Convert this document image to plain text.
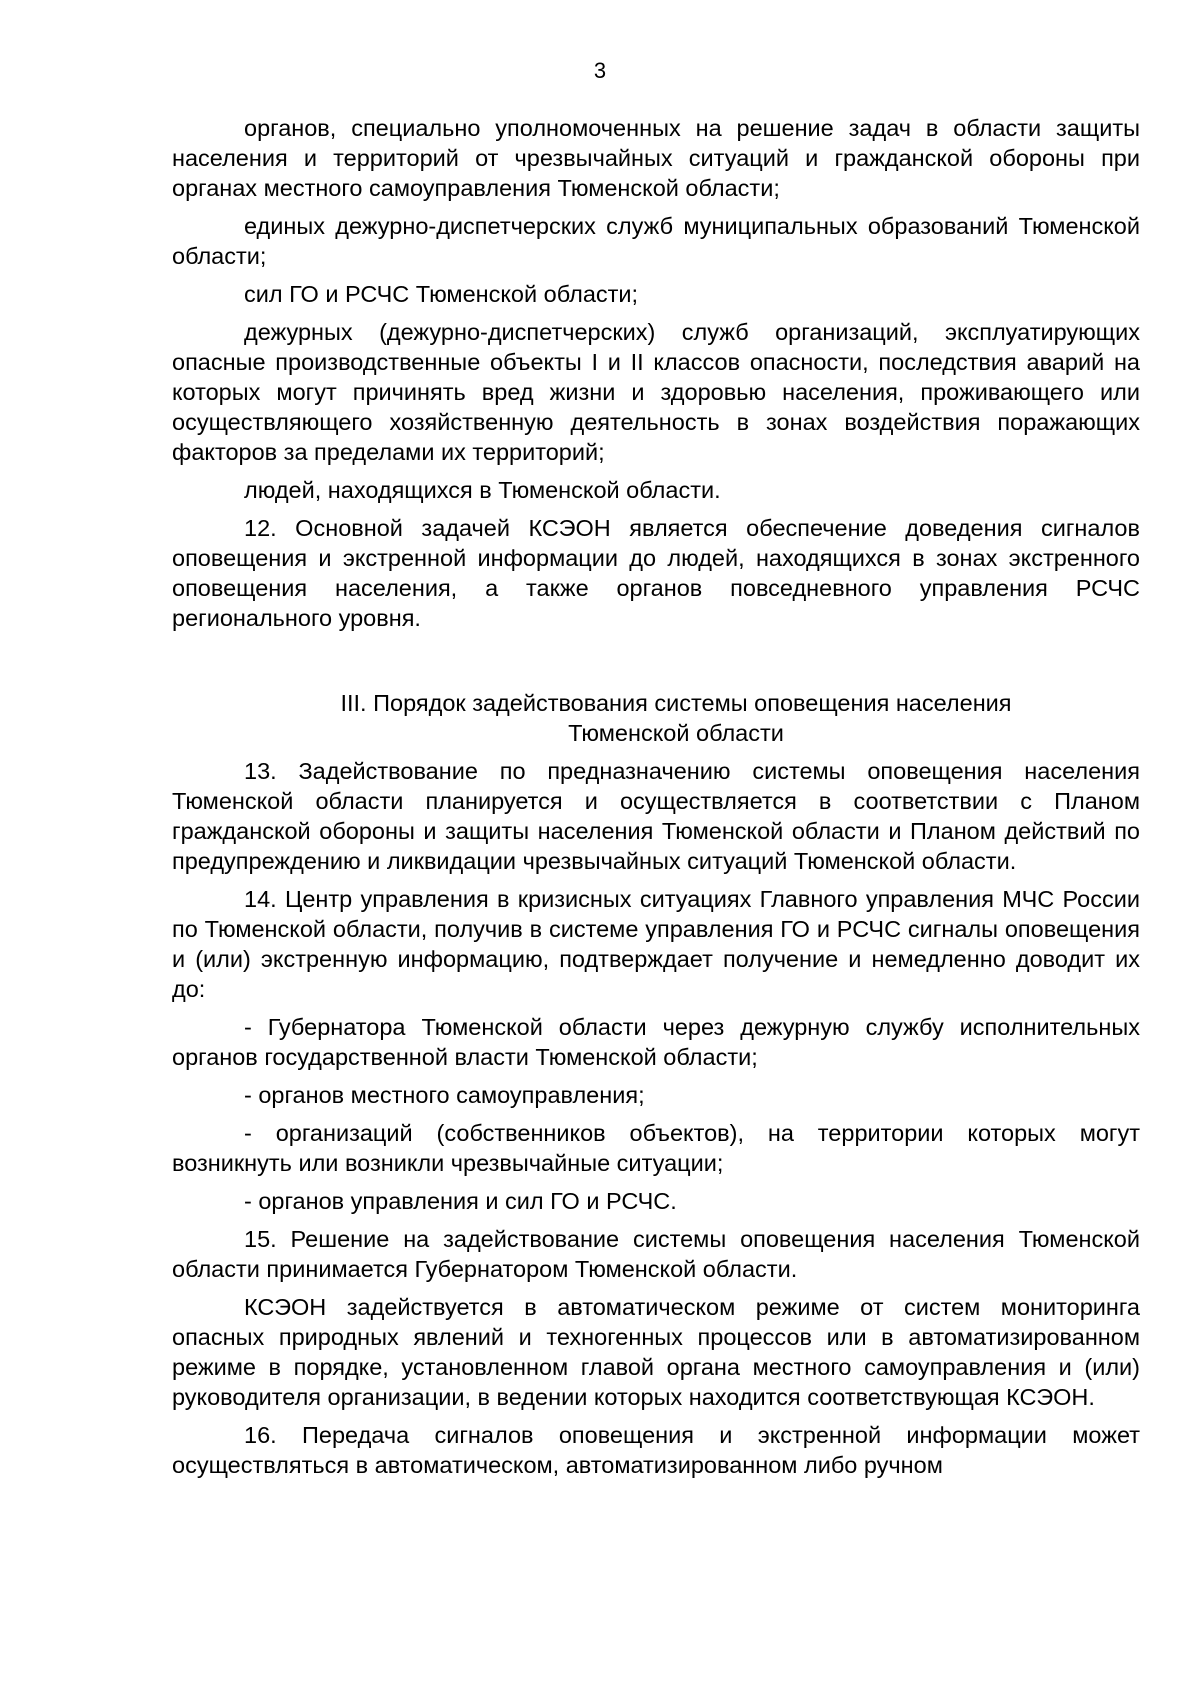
3

органов, специально уполномоченных на решение задач в области защиты населения и территорий от чрезвычайных ситуаций и гражданской обороны при органах местного самоуправления Тюменской области;

единых дежурно-диспетчерских служб муниципальных образований Тюменской области;

сил ГО и РСЧС Тюменской области;

дежурных (дежурно-диспетчерских) служб организаций, эксплуатирующих опасные производственные объекты I и II классов опасности, последствия аварий на которых могут причинять вред жизни и здоровью населения, проживающего или осуществляющего хозяйственную деятельность в зонах воздействия поражающих факторов за пределами их территорий;

людей, находящихся в Тюменской области.

12. Основной задачей КСЭОН является обеспечение доведения сигналов оповещения и экстренной информации до людей, находящихся в зонах экстренного оповещения населения, а также органов повседневного управления РСЧС регионального уровня.

III. Порядок задействования системы оповещения населения
Тюменской области

13. Задействование по предназначению системы оповещения населения Тюменской области планируется и осуществляется в соответствии с Планом гражданской обороны и защиты населения Тюменской области и Планом действий по предупреждению и ликвидации чрезвычайных ситуаций Тюменской области.

14. Центр управления в кризисных ситуациях Главного управления МЧС России по Тюменской области, получив в системе управления ГО и РСЧС сигналы оповещения и (или) экстренную информацию, подтверждает получение и немедленно доводит их до:

- Губернатора Тюменской области через дежурную службу исполнительных органов государственной власти Тюменской области;

- органов местного самоуправления;

- организаций (собственников объектов), на территории которых могут возникнуть или возникли чрезвычайные ситуации;

- органов управления и сил ГО и РСЧС.

15. Решение на задействование системы оповещения населения Тюменской области принимается Губернатором Тюменской области.

КСЭОН задействуется в автоматическом режиме от систем мониторинга опасных природных явлений и техногенных процессов или в автоматизированном режиме в порядке, установленном главой органа местного самоуправления и (или) руководителя организации, в ведении которых находится соответствующая КСЭОН.

16. Передача сигналов оповещения и экстренной информации может осуществляться в автоматическом, автоматизированном либо ручном
